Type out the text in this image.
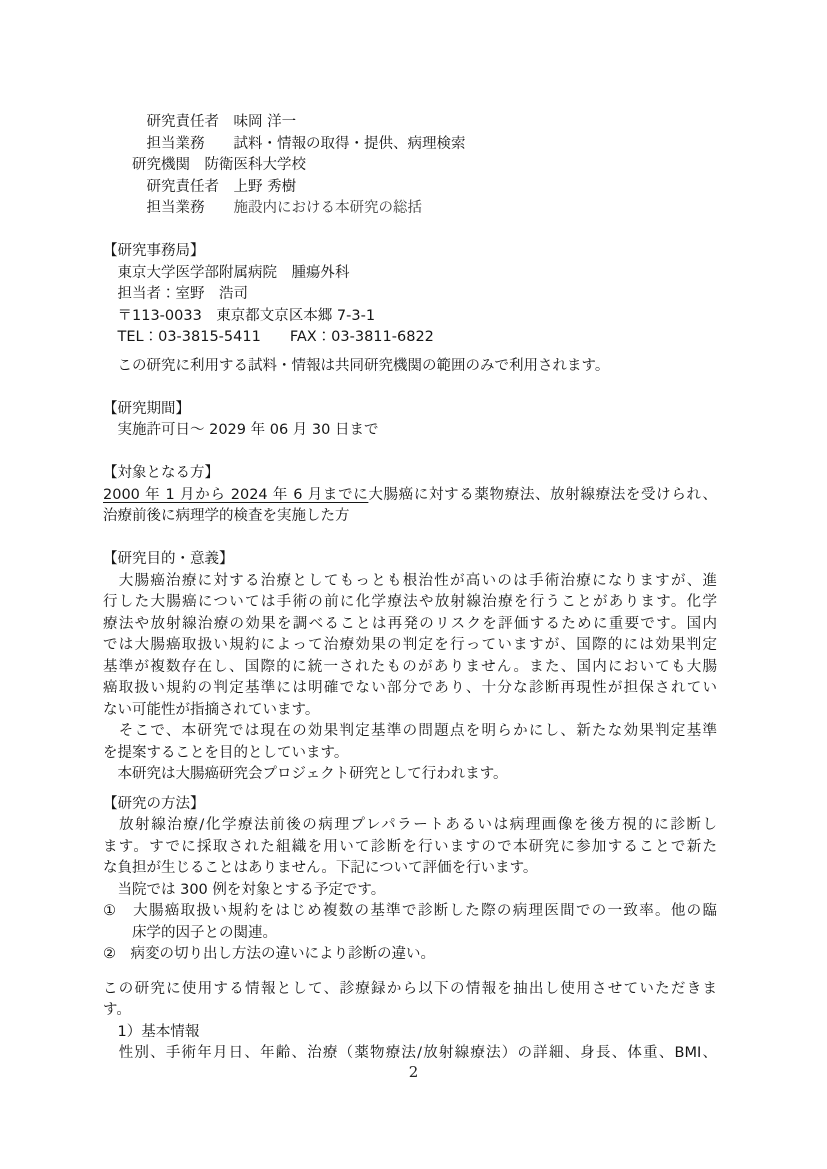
　　　研究責任者　味岡 洋一
　　　担当業務　　試料・情報の取得・提供、病理検索
　　研究機関　防衛医科大学校
　　　研究責任者　上野 秀樹
　　　担当業務　　施設内における本研究の総括
【研究事務局】
　東京大学医学部附属病院　腫瘍外科
　担当者：室野　浩司
　〒113-0033　東京都文京区本郷 7-3-1
　TEL：03-3815-5411　　FAX：03-3811-6822
　この研究に利用する試料・情報は共同研究機関の範囲のみで利用されます。
【研究期間】
　実施許可日～ 2029 年 06 月 30 日まで
【対象となる方】
2000 年 1 月から 2024 年 6 月までに大腸癌に対する薬物療法、放射線療法を受けられ、
治療前後に病理学的検査を実施した方
【研究目的・意義】
　大腸癌治療に対する治療としてもっとも根治性が高いのは手術治療になりますが、進
行した大腸癌については手術の前に化学療法や放射線治療を行うことがあります。化学
療法や放射線治療の効果を調べることは再発のリスクを評価するために重要です。国内
では大腸癌取扱い規約によって治療効果の判定を行っていますが、国際的には効果判定
基準が複数存在し、国際的に統一されたものがありません。また、国内においても大腸
癌取扱い規約の判定基準には明確でない部分であり、十分な診断再現性が担保されてい
ない可能性が指摘されています。
　そこで、本研究では現在の効果判定基準の問題点を明らかにし、新たな効果判定基準
を提案することを目的としています。
　本研究は大腸癌研究会プロジェクト研究として行われます。
【研究の方法】
　放射線治療/化学療法前後の病理プレパラートあるいは病理画像を後方視的に診断し
ます。すでに採取された組織を用いて診断を行いますので本研究に参加することで新た
な負担が生じることはありません。下記について評価を行います。
　当院では 300 例を対象とする予定です。
①　大腸癌取扱い規約をはじめ複数の基準で診断した際の病理医間での一致率。他の臨
　　床学的因子との関連。
②　病変の切り出し方法の違いにより診断の違い。
この研究に使用する情報として、診療録から以下の情報を抽出し使用させていただきま
す。
　1）基本情報
　性別、手術年月日、年齢、治療（薬物療法/放射線療法）の詳細、身長、体重、BMI、
2
